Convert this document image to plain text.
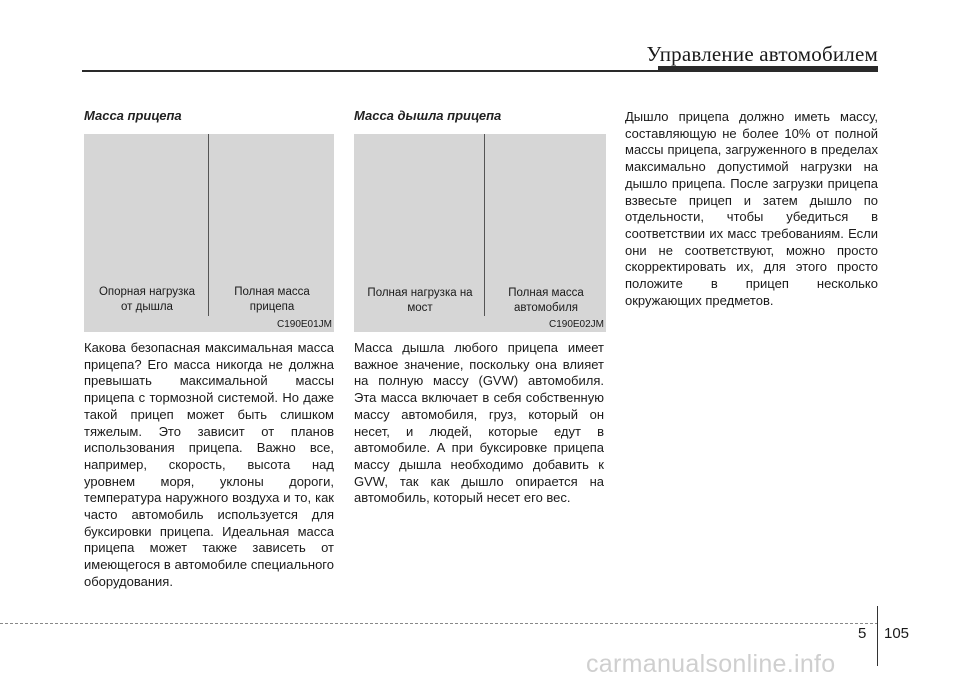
Управление автомобилем
Масса прицепа
Опорная нагрузка
от дышла
Полная масса
прицепа
C190E01JM
Какова безопасная максимальная масса прицепа? Его масса никогда не должна превышать максимальной массы прицепа с тормозной системой. Но даже такой прицеп может быть слишком тяжелым. Это зависит от планов использования прицепа. Важно все, например, скорость, высота над уровнем моря, уклоны дороги, температура наружного воздуха и то, как часто автомобиль используется для буксировки прицепа. Идеальная масса прицепа может также зависеть от имеющегося в автомобиле специального оборудования.
Масса дышла прицепа
Полная нагрузка на
мост
Полная масса
автомобиля
C190E02JM
Масса дышла любого прицепа имеет важное значение, поскольку она влияет на полную массу (GVW) автомобиля. Эта масса включает в себя собственную массу автомобиля, груз, который он несет, и людей, которые едут в автомобиле. А при буксировке прицепа массу дышла необходимо добавить к GVW, так как дышло опирается на автомобиль, который несет его вес.
Дышло прицепа должно иметь массу, составляющую не более 10% от полной массы прицепа, загруженного в пределах максимально допустимой нагрузки на дышло прицепа. После загрузки прицепа взвесьте прицеп и затем дышло по отдельности, чтобы убедиться в соответствии их масс требованиям. Если они не соответствуют, можно просто скорректировать их, для этого просто положите в прицеп несколько окружающих предметов.
5 105
carmanualsonline.info
